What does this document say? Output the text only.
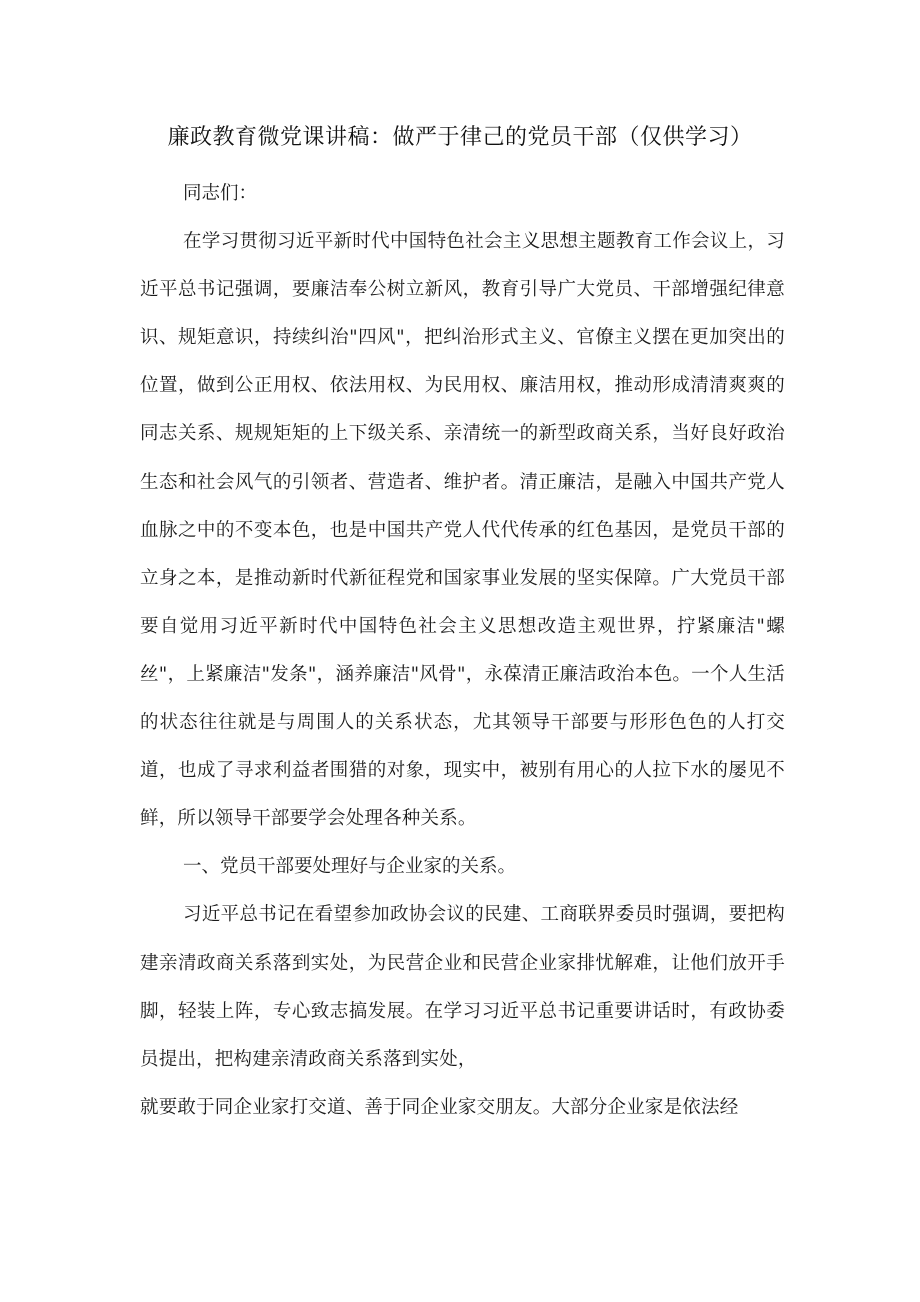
廉政教育微党课讲稿：做严于律己的党员干部（仅供学习）

同志们：

在学习贯彻习近平新时代中国特色社会主义思想主题教育工作会议上，习近平总书记强调，要廉洁奉公树立新风，教育引导广大党员、干部增强纪律意识、规矩意识，持续纠治"四风"，把纠治形式主义、官僚主义摆在更加突出的位置，做到公正用权、依法用权、为民用权、廉洁用权，推动形成清清爽爽的同志关系、规规矩矩的上下级关系、亲清统一的新型政商关系，当好良好政治生态和社会风气的引领者、营造者、维护者。清正廉洁，是融入中国共产党人血脉之中的不变本色，也是中国共产党人代代传承的红色基因，是党员干部的立身之本，是推动新时代新征程党和国家事业发展的坚实保障。广大党员干部要自觉用习近平新时代中国特色社会主义思想改造主观世界，拧紧廉洁"螺丝"，上紧廉洁"发条"，涵养廉洁"风骨"，永葆清正廉洁政治本色。一个人生活的状态往往就是与周围人的关系状态，尤其领导干部要与形形色色的人打交道，也成了寻求利益者围猎的对象，现实中，被别有用心的人拉下水的屡见不鲜，所以领导干部要学会处理各种关系。

一、党员干部要处理好与企业家的关系。

习近平总书记在看望参加政协会议的民建、工商联界委员时强调，要把构建亲清政商关系落到实处，为民营企业和民营企业家排忧解难，让他们放开手脚，轻装上阵，专心致志搞发展。在学习习近平总书记重要讲话时，有政协委员提出，把构建亲清政商关系落到实处，

就要敢于同企业家打交道、善于同企业家交朋友。大部分企业家是依法经
